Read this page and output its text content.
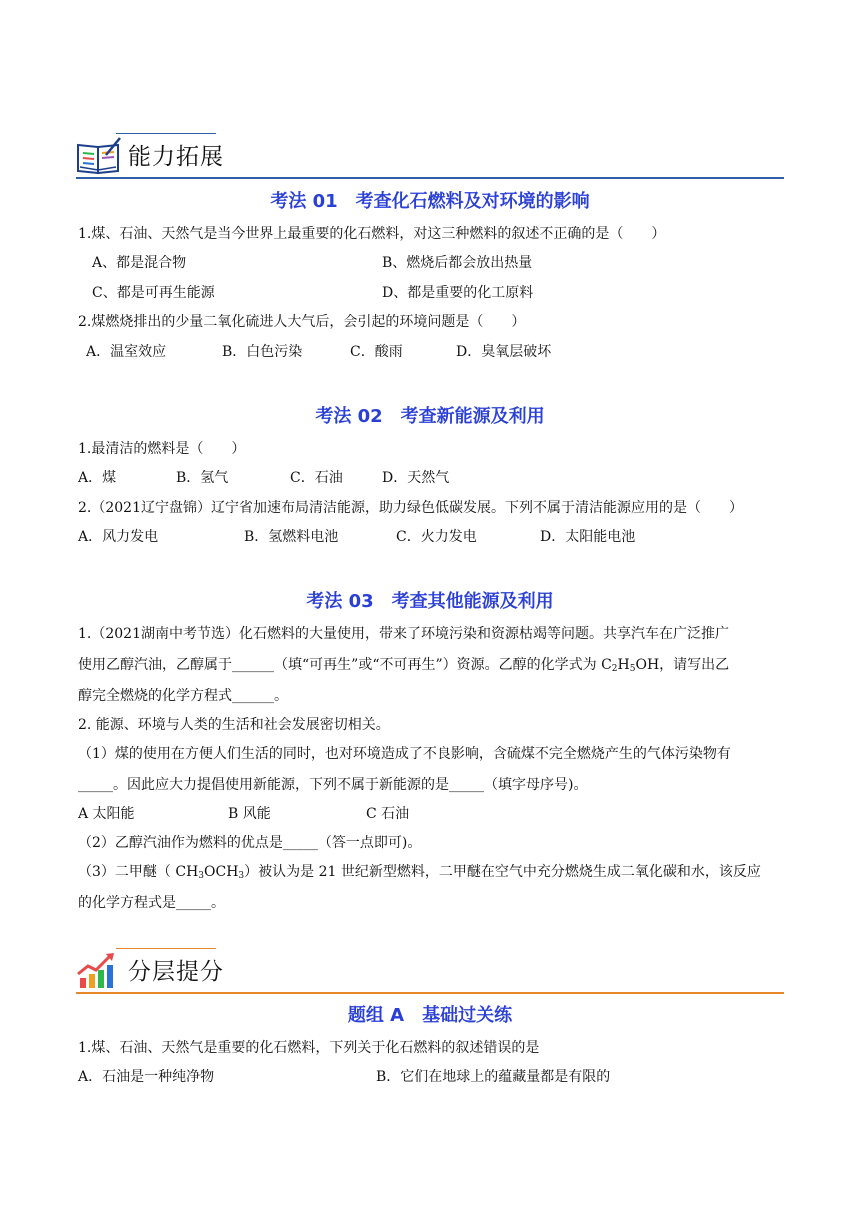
能力拓展
考法 01　考查化石燃料及对环境的影响
1.煤、石油、天然气是当今世界上最重要的化石燃料，对这三种燃料的叙述不正确的是（　　）
A、都是混合物	B、燃烧后都会放出热量
C、都是可再生能源	D、都是重要的化工原料
2.煤燃烧排出的少量二氧化硫进人大气后，会引起的环境问题是（　　）
A．温室效应	B．白色污染	C．酸雨	D．臭氧层破坏
考法 02　考查新能源及利用
1.最清洁的燃料是（　　）
A．煤	B．氢气	C．石油	D．天然气
2.（2021辽宁盘锦）辽宁省加速布局清洁能源，助力绿色低碳发展。下列不属于清洁能源应用的是（　　）
A．风力发电	B．氢燃料电池	C．火力发电	D．太阳能电池
考法 03　考查其他能源及利用
1.（2021湖南中考节选）化石燃料的大量使用，带来了环境污染和资源枯竭等问题。共享汽车在广泛推广
使用乙醇汽油，乙醇属于______（填“可再生”或“不可再生”）资源。乙醇的化学式为 $C_2H_5OH$，请写出乙
醇完全燃烧的化学方程式______。
2. 能源、环境与人类的生活和社会发展密切相关。
（1）煤的使用在方便人们生活的同时，也对环境造成了不良影响，含硫煤不完全燃烧产生的气体污染物有
_____。因此应大力提倡使用新能源，下列不属于新能源的是_____（填字母序号)。
A 太阳能	B 风能	C 石油
（2）乙醇汽油作为燃料的优点是_____（答一点即可)。
（3）二甲醚（ $CH_3OCH_3$）被认为是 21 世纪新型燃料，二甲醚在空气中充分燃烧生成二氧化碳和水，该反应
的化学方程式是_____。
分层提分
题组 A　基础过关练
1.煤、石油、天然气是重要的化石燃料，下列关于化石燃料的叙述错误的是
A．石油是一种纯净物	B．它们在地球上的蕴藏量都是有限的
